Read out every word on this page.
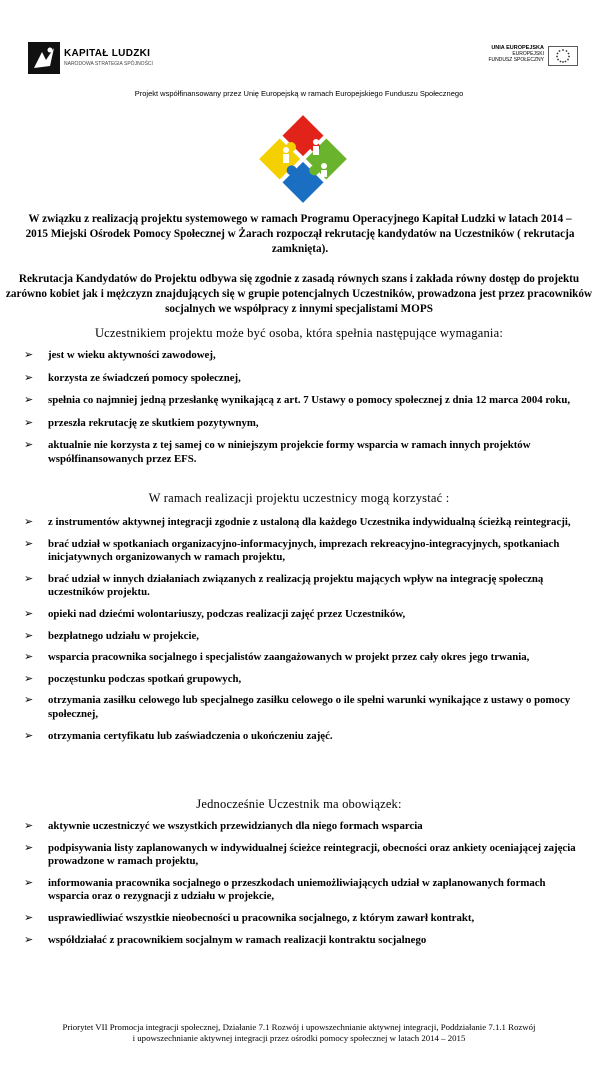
KAPITAŁ LUDZKI
NARODOWA STRATEGIA SPÓJNOŚCI
UNIA EUROPEJSKA
EUROPEJSKI
FUNDUSZ SPOŁECZNY
Projekt współfinansowany przez Unię Europejską w ramach Europejskiego Funduszu Społecznego

W związku z realizacją projektu systemowego w ramach Programu Operacyjnego Kapitał Ludzki w latach 2014 – 2015 Miejski Ośrodek Pomocy Społecznej w Żarach rozpoczął rekrutację kandydatów na Uczestników ( rekrutacja zamknięta).

Rekrutacja Kandydatów do Projektu odbywa się zgodnie z zasadą równych szans i zakłada równy dostęp do projektu zarówno kobiet jak i mężczyzn znajdujących się w grupie potencjalnych Uczestników, prowadzona jest przez pracowników socjalnych we współpracy z innymi specjalistami MOPS

Uczestnikiem projektu może być osoba, która spełnia następujące wymagania:
➢ jest w wieku aktywności zawodowej,
➢ korzysta ze świadczeń pomocy społecznej,
➢ spełnia co najmniej jedną przesłankę wynikającą z art. 7 Ustawy o pomocy społecznej z dnia 12 marca 2004 roku,
➢ przeszła rekrutację ze skutkiem pozytywnym,
➢ aktualnie nie korzysta z tej samej co w niniejszym projekcie formy wsparcia w ramach innych projektów współfinansowanych przez EFS.
W ramach realizacji projektu uczestnicy mogą korzystać :
➢ z instrumentów aktywnej integracji zgodnie z ustaloną dla każdego Uczestnika indywidualną ścieżką reintegracji,
➢ brać udział w spotkaniach organizacyjno-informacyjnych, imprezach rekreacyjno-integracyjnych, spotkaniach inicjatywnych organizowanych w ramach projektu,
➢ brać udział w innych działaniach związanych z realizacją projektu mających wpływ na integrację społeczną uczestników projektu.
➢ opieki nad dziećmi wolontariuszy, podczas realizacji zajęć przez Uczestników,
➢ bezpłatnego udziału w projekcie,
➢ wsparcia pracownika socjalnego i specjalistów zaangażowanych w projekt przez cały okres jego trwania,
➢ poczęstunku podczas spotkań grupowych,
➢ otrzymania zasiłku celowego lub specjalnego zasiłku celowego o ile spełni warunki wynikające z ustawy o pomocy społecznej,
➢ otrzymania certyfikatu lub zaświadczenia o ukończeniu zajęć.
Jednocześnie Uczestnik ma obowiązek:
➢ aktywnie uczestniczyć we wszystkich przewidzianych dla niego formach wsparcia
➢ podpisywania listy zaplanowanych w indywidualnej ścieżce reintegracji, obecności oraz ankiety oceniającej zajęcia prowadzone w ramach projektu,
➢ informowania pracownika socjalnego o przeszkodach uniemożliwiających udział w zaplanowanych formach wsparcia oraz o rezygnacji z udziału w projekcie,
➢ usprawiedliwiać wszystkie nieobecności u pracownika socjalnego, z którym zawarł kontrakt,
➢ współdziałać z pracownikiem socjalnym w ramach realizacji kontraktu socjalnego
Priorytet VII Promocja integracji społecznej, Działanie 7.1 Rozwój i upowszechnianie aktywnej integracji, Poddziałanie 7.1.1 Rozwój
i upowszechnianie aktywnej integracji przez ośrodki pomocy społecznej w latach 2014 – 2015
